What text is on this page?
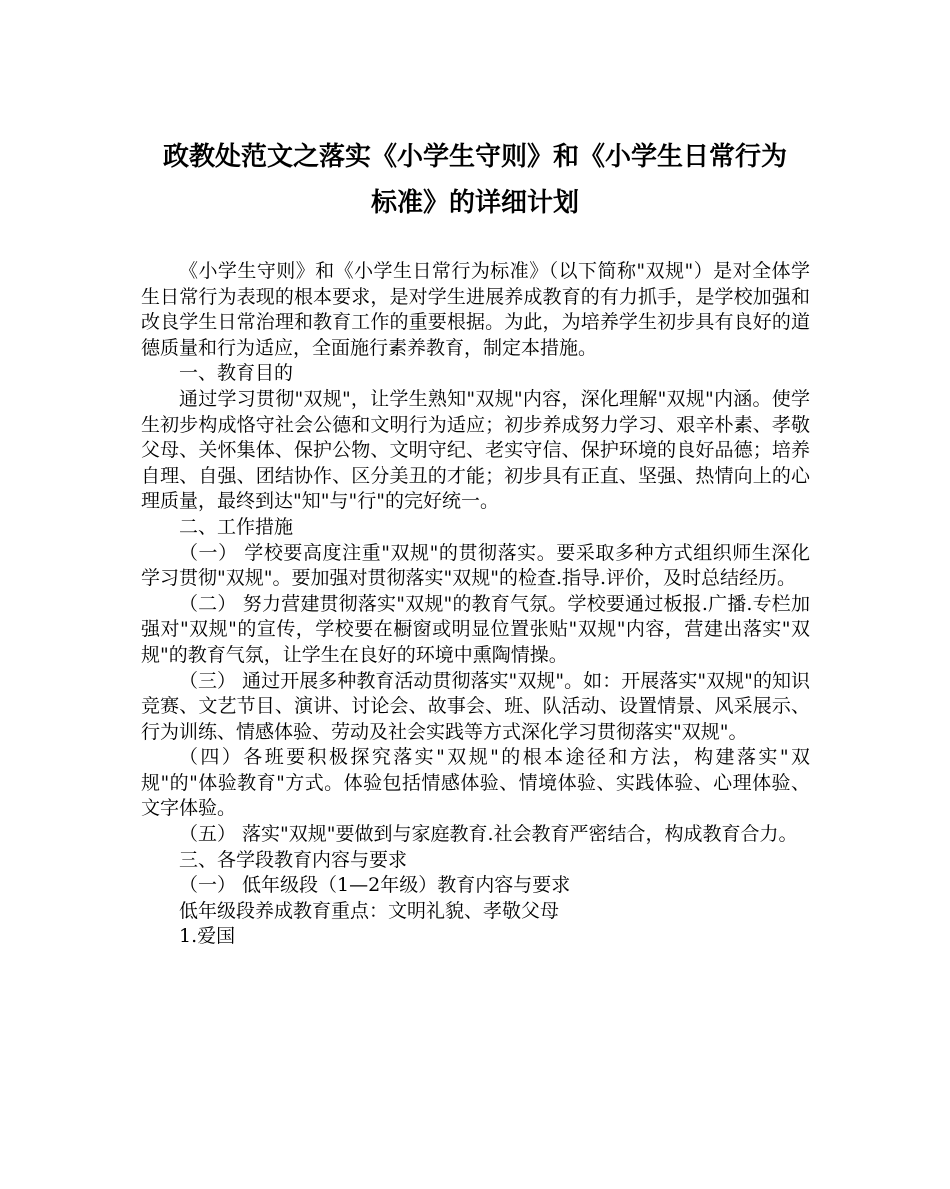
政教处范文之落实《小学生守则》和《小学生日常行为
标准》的详细计划

《小学生守则》和《小学生日常行为标准》（以下简称"双规"）是对全体学生日常行为表现的根本要求，是对学生进展养成教育的有力抓手，是学校加强和改良学生日常治理和教育工作的重要根据。为此，为培养学生初步具有良好的道德质量和行为适应，全面施行素养教育，制定本措施。

一、教育目的

通过学习贯彻"双规"，让学生熟知"双规"内容，深化理解"双规"内涵。使学生初步构成恪守社会公德和文明行为适应；初步养成努力学习、艰辛朴素、孝敬父母、关怀集体、保护公物、文明守纪、老实守信、保护环境的良好品德；培养自理、自强、团结协作、区分美丑的才能；初步具有正直、坚强、热情向上的心理质量，最终到达"知"与"行"的完好统一。

二、工作措施

（一） 学校要高度注重"双规"的贯彻落实。要采取多种方式组织师生深化学习贯彻"双规"。要加强对贯彻落实"双规"的检查.指导.评价，及时总结经历。

（二） 努力营建贯彻落实"双规"的教育气氛。学校要通过板报.广播.专栏加强对"双规"的宣传，学校要在橱窗或明显位置张贴"双规"内容，营建出落实"双规"的教育气氛，让学生在良好的环境中熏陶情操。

（三） 通过开展多种教育活动贯彻落实"双规"。如：开展落实"双规"的知识竞赛、文艺节目、演讲、讨论会、故事会、班、队活动、设置情景、风采展示、行为训练、情感体验、劳动及社会实践等方式深化学习贯彻落实"双规"。

（四）各班要积极探究落实"双规"的根本途径和方法，构建落实"双规"的"体验教育"方式。体验包括情感体验、情境体验、实践体验、心理体验、文字体验。

（五） 落实"双规"要做到与家庭教育.社会教育严密结合，构成教育合力。

三、各学段教育内容与要求

（一） 低年级段（1—2年级）教育内容与要求

低年级段养成教育重点：文明礼貌、孝敬父母

1.爱国
